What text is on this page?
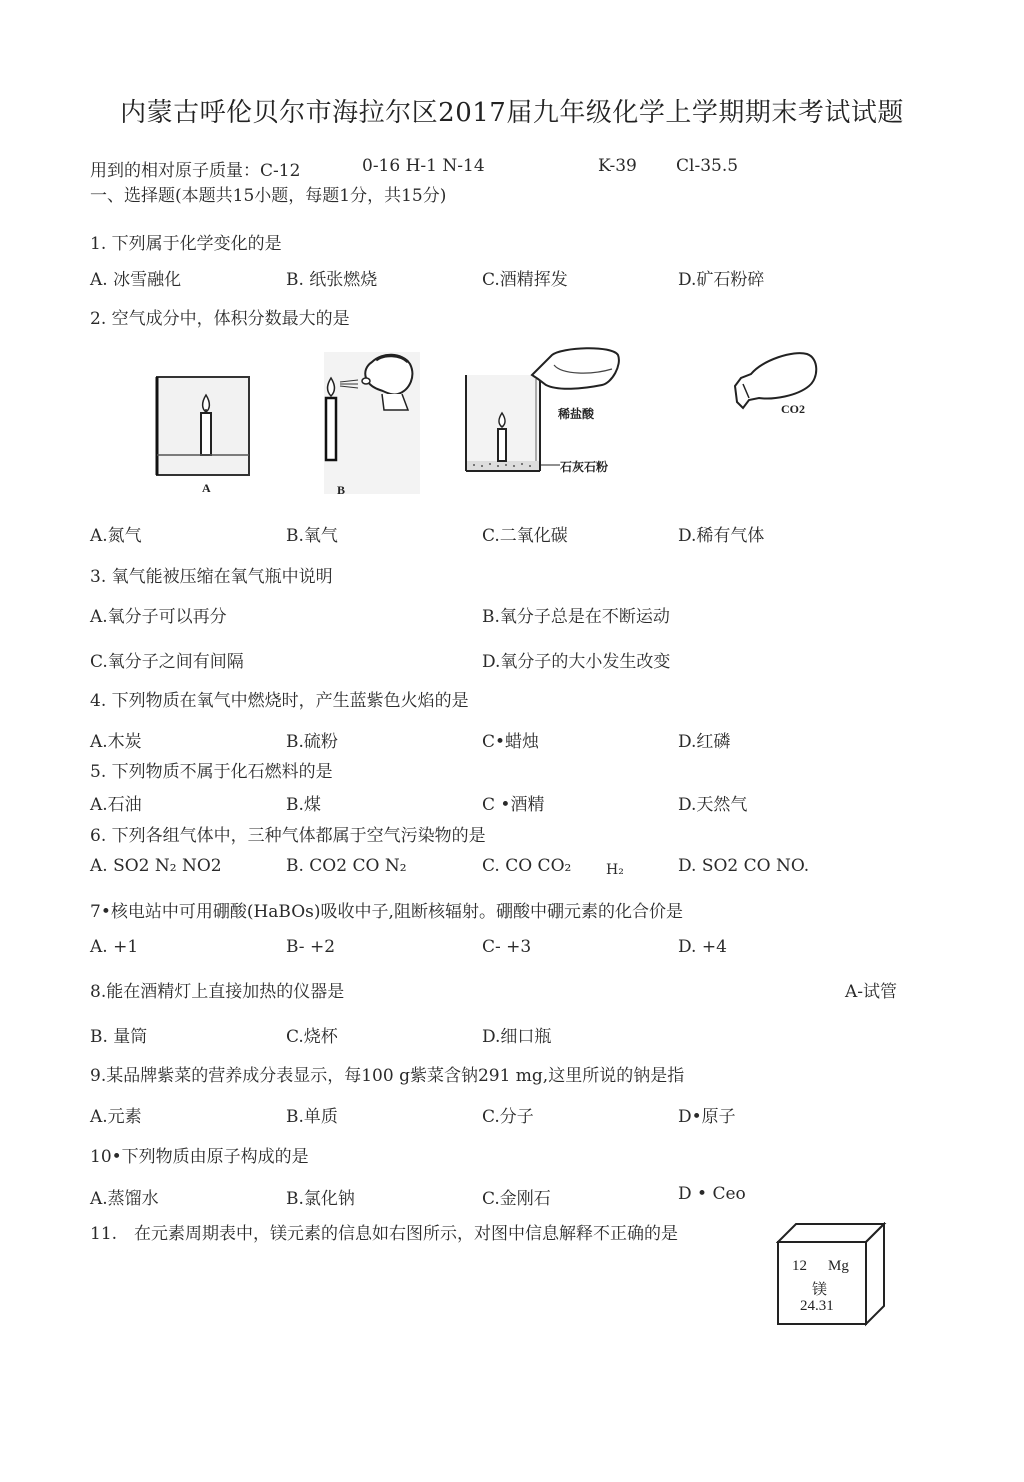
内蒙古呼伦贝尔市海拉尔区2017届九年级化学上学期期末考试试题
用到的相对原子质量：C-12	0-16 H-1 N-14	K-39 Cl-35.5
一、选择题(本题共15小题，每题1分，共15分)
1. 下列属于化学变化的是
A. 冰雪融化	B. 纸张燃烧	C.酒精挥发	D.矿石粉碎
2. 空气成分中，体积分数最大的是
A	B
稀盐酸
石灰石粉
CO2
A.氮气	B.氧气	C.二氧化碳	D.稀有气体
3. 氧气能被压缩在氧气瓶中说明
A.氧分子可以再分	B.氧分子总是在不断运动
C.氧分子之间有间隔	D.氧分子的大小发生改变
4. 下列物质在氧气中燃烧时，产生蓝紫色火焰的是
A.木炭	B.硫粉	C•蜡烛	D.红磷
5. 下列物质不属于化石燃料的是
A.石油	B.煤	C •酒精	D.天然气
6. 下列各组气体中，三种气体都属于空气污染物的是
A. SO2 N₂ NO2	B. CO2 CO N₂	C. CO CO₂ H₂	D. SO2 CO NO.
7•核电站中可用硼酸(HaBOs)吸收中子,阻断核辐射。硼酸中硼元素的化合价是
A. +1	B- +2	C- +3	D. +4
8.能在酒精灯上直接加热的仪器是	A-试管
B. 量筒	C.烧杯	D.细口瓶
9.某品牌紫菜的营养成分表显示，每100 g紫菜含钠291 mg,这里所说的钠是指
A.元素	B.单质	C.分子	D•原子
10•下列物质由原子构成的是
A.蒸馏水	B.氯化钠	C.金刚石	D • Ceo
11.　在元素周期表中，镁元素的信息如右图所示，对图中信息解释不正确的是
12 Mg
镁
24.31
